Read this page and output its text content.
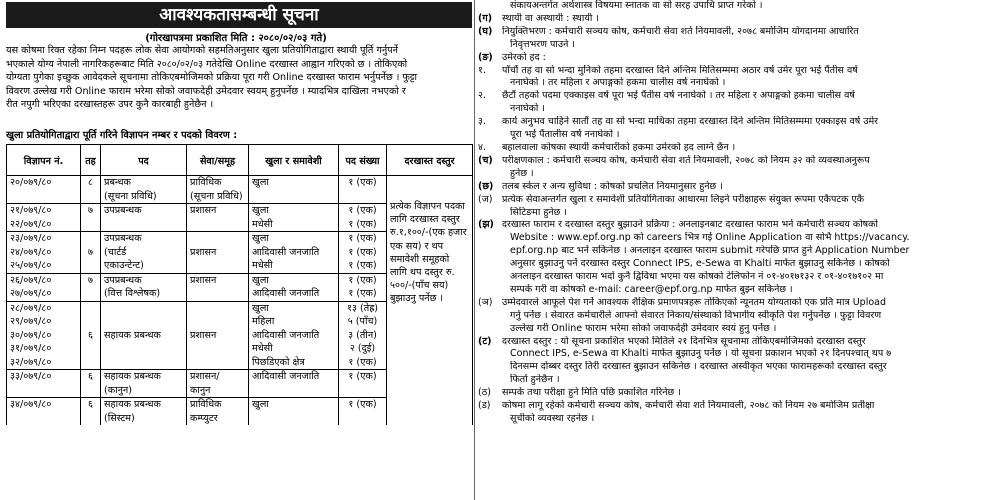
आवश्यकतासम्बन्धी सूचना
(गोरखापत्रमा प्रकाशित मिति : २०८०/०२/०३ गते)
यस कोषमा रिक्त रहेका निम्न पदहरू लोक सेवा आयोगको सहमतिअनुसार खुला प्रतियोगिताद्वारा स्थायी पूर्ति गर्नुपर्ने
भएकाले योग्य नेपाली नागरिकहरूबाट मिति २०८०/०२/०३ गतेदेखि Online दरखास्त आह्वान गरिएको छ । तोकिएको
योग्यता पुगेका इच्छुक आवेदकले सूचनामा तोकिएबमोजिमको प्रक्रिया पूरा गरी Online दरखास्त फाराम भर्नुपर्नेछ । फुट्टा
विवरण उल्लेख गरी Online फाराम भरेमा सोको जवाफदेही उमेदवार स्वयम् हुनुपर्नेछ । म्यादभित्र दाखिला नभएको र
रीत नपुगी भरिएका दरखास्तहरू उपर कुनै कारबाही हुनेछैन ।
खुला प्रतियोगिताद्वारा पूर्ति गरिने विज्ञापन नम्बर र पदको विवरण :
विज्ञापन नं.	तह	पद	सेवा/समूह	खुला र समावेशी	पद संख्या	दरखास्त दस्तुर
२०/०७९/८०	८	प्रबन्धक	प्राविधिक	खुला	१ (एक)	प्रत्येक विज्ञापन पदका लागि दरखास्त दस्तुर रु.१,१००/-(एक हजार एक सय) र थप समावेशी समूहको लागि थप दस्तुर रु. ५००/-(पाँच सय) बुझाउनु पर्नेछ ।
		(सूचना प्रविधि)	(सूचना प्रविधि)			
२१/०७९/८०	७	उपप्रबन्धक	प्रशासन	खुला	१ (एक)	
२२/०७९/८०				मधेसी	१ (एक)	
२३/०७९/८०		उपप्रबन्धक		खुला	१ (एक)	
२४/०७९/८०	७	(चार्टर्ड	प्रशासन	आदिवासी जनजाति	१ (एक)	
२५/०७९/८०		एकाउन्टेन्ट)		मधेसी	१ (एक)	
२६/०७९/८०	७	उपप्रबन्धक	प्रशासन	खुला	१ (एक)	
२७/०७९/८०		(वित्त विश्लेषक)		आदिवासी जनजाति	१ (एक)	
२८/०७९/८०				खुला	१३ (तेह्र)	
२९/०७९/८०				महिला	५ (पाँच)	
३०/०७९/८०	६	सहायक प्रबन्धक	प्रशासन	आदिवासी जनजाति	३ (तीन)	
३१/०७९/८०				मधेसी	२ (दुई)	
३२/०७९/८०				पिछडिएको क्षेत्र	१ (एक)	
३३/०७९/८०	६	सहायक प्रबन्धक	प्रशासन/	आदिवासी जनजाति	१ (एक)	
		(कानुन)	कानुन			
३४/०७९/८०	६	सहायक प्रबन्धक	प्राविधिक	खुला	१ (एक)	
		(सिस्टम)	कम्प्युटर			
संकायअन्तर्गत अर्थशास्त्र विषयमा स्नातक वा सो सरह उपाधि प्राप्त गरेको ।
(ग)	स्थायी वा अस्थायी : स्थायी ।
(घ)	नियुक्तिभरण : कर्मचारी सञ्चय कोष, कर्मचारी सेवा शर्त नियमावली, २०७८ बमोजिम योगदानमा आधारित
निवृत्तभरण पाउने ।
(ङ) उमेरको हद :
१.	पाँचौं तह वा सो भन्दा मुनिको तहमा दरखास्त दिने अन्तिम मितिसम्ममा अठार वर्ष उमेर पूरा भई पैंतीस वर्ष
ननाघेको । तर महिला र अपाङ्गको हकमा चालीस वर्ष ननाघेको ।
२.	छैटौं तहको पदमा एक्काइस वर्ष पूरा भई पैंतीस वर्ष ननाघेको । तर महिला र अपाङ्गको हकमा चालीस वर्ष
ननाघेको ।
३.	कार्य अनुभव चाहिने सातौं तह वा सो भन्दा माथिका तहमा दरखास्त दिने अन्तिम मितिसम्ममा एक्काइस वर्ष उमेर
पूरा भई पैंतालीस वर्ष ननाघेको ।
४.	बहालवाला कोषका स्थायी कर्मचारीको हकमा उमेरको हद लाग्ने छैन ।
(च) परीक्षणकाल : कर्मचारी सञ्चय कोष, कर्मचारी सेवा शर्त नियमावली, २०७८ को नियम ३२ को व्यवस्थाअनुरूप
हुनेछ ।
(छ) तलब स्केल र अन्य सुविधा : कोषको प्रचलित नियमानुसार हुनेछ ।
(ज)	प्रत्येक सेवाअन्तर्गत खुला र समावेशी प्रतियोगिताका आधारमा लिइने परीक्षाहरू संयुक्त रूपमा एकैपटक एकै
सिटिङमा हुनेछ ।
(झ) दरखास्त फाराम र दरखास्त दस्तुर बुझाउने प्रक्रिया : अनलाइनबाट दरखास्त फाराम भर्न कर्मचारी सञ्चय कोषको
Website : www.epf.org.np को careers भित्र गई Online Application वा सोभै https://vacancy.
epf.org.np बाट भर्न सकिनेछ । अनलाइन दरखास्त फाराम submit गरेपछि प्राप्त हुने Application Number
अनुसार बुझाउनु पर्ने दरखास्त दस्तुर Connect IPS, e-Sewa वा Khalti मार्फत बुझाउनु सकिनेछ । कोषको
अनलाइन दरखास्त फाराम भर्दा कुनै द्विविधा भएमा यस कोषको टेलिफोन नं ०१-४०१७१३२ र ०१-४०१७१०२ मा
सम्पर्क गरी वा कोषको e-mail: career@epf.org.np मार्फत बुझ्न सकिनेछ ।
(ञ)	उम्मेदवारले आफूले पेश गर्ने आवश्यक शैक्षिक प्रमाणपत्रहरू तोकिएको न्यूनतम योग्यताको एक प्रति मात्र Upload
गर्नु पर्नेछ । सेवारत कर्मचारीले आफ्नो सेवारत निकाय/संस्थाको विभागीय स्वीकृति पेश गर्नुपर्नेछ । फुट्टा विवरण
उल्लेख गरी Online फाराम भरेमा सोको जवाफदेही उमेदवार स्वयं हुनु पर्नेछ ।
(ट)	दरखास्त दस्तुर : यो सूचना प्रकाशित भएको मितिले २१ दिनभित्र सूचनामा तोकिएबमोजिमको दरखास्त दस्तुर
Connect IPS, e-Sewa वा Khalti मार्फत बुझाउनु पर्नेछ । यो सूचना प्रकाशन भएको २१ दिनपश्चात् थप ७
दिनसम्म दोब्बर दस्तुर तिरी दरखास्त बुझाउन सकिनेछ । दरखास्त अस्वीकृत भएका फारामहरूको दरखास्त दस्तुर
फिर्ता हुनेछैन ।
(ठ)	सम्पर्क तथा परीक्षा हुने मिति पछि प्रकाशित गरिनेछ ।
(ड)	कोषमा लागू रहेको कर्मचारी सञ्चय कोष, कर्मचारी सेवा शर्त नियमावली, २०७८ को नियम २७ बमोजिम प्रतीक्षा
सूचीको व्यवस्था रहनेछ ।
